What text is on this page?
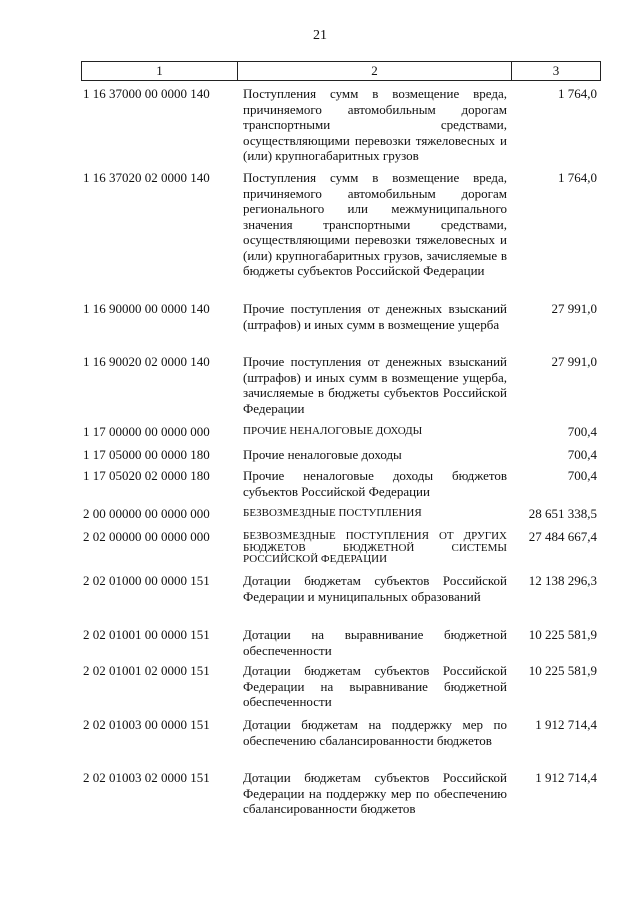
21
1	2	3
1 16 37000 00 0000 140	Поступления сумм в возмещение вреда, причиняемого автомобильным дорогам транспортными средствами, осуществляющими перевозки тяжеловесных и (или) крупногабаритных грузов
1 764,0
1 16 37020 02 0000 140	Поступления сумм в возмещение вреда, причиняемого автомобильным дорогам регионального или межмуниципального значения транспортными средствами, осуществляющими перевозки тяжеловесных и (или) крупногабаритных грузов, зачисляемые в бюджеты субъектов Российской Федерации
1 764,0
1 16 90000 00 0000 140	Прочие поступления от денежных взысканий (штрафов) и иных сумм в возмещение ущерба
27 991,0
1 16 90020 02 0000 140	Прочие поступления от денежных взысканий (штрафов) и иных сумм в возмещение ущерба, зачисляемые в бюджеты субъектов Российской Федерации
27 991,0
1 17 00000 00 0000 000	ПРОЧИЕ НЕНАЛОГОВЫЕ ДОХОДЫ	700,4
1 17 05000 00 0000 180	Прочие неналоговые доходы	700,4
1 17 05020 02 0000 180	Прочие неналоговые доходы бюджетов субъектов Российской Федерации
700,4
2 00 00000 00 0000 000	БЕЗВОЗМЕЗДНЫЕ ПОСТУПЛЕНИЯ	28 651 338,5
2 02 00000 00 0000 000	БЕЗВОЗМЕЗДНЫЕ ПОСТУПЛЕНИЯ ОТ ДРУГИХ БЮДЖЕТОВ БЮДЖЕТНОЙ СИСТЕМЫ РОССИЙСКОЙ ФЕДЕРАЦИИ
27 484 667,4
2 02 01000 00 0000 151	Дотации бюджетам субъектов Российской Федерации и муниципальных образований
12 138 296,3
2 02 01001 00 0000 151	Дотации на выравнивание бюджетной обеспеченности
10 225 581,9
2 02 01001 02 0000 151	Дотации бюджетам субъектов Российской Федерации на выравнивание бюджетной обеспеченности
10 225 581,9
2 02 01003 00 0000 151	Дотации бюджетам на поддержку мер по обеспечению сбалансированности бюджетов
1 912 714,4
2 02 01003 02 0000 151	Дотации бюджетам субъектов Российской Федерации на поддержку мер по обеспечению сбалансированности бюджетов
1 912 714,4
